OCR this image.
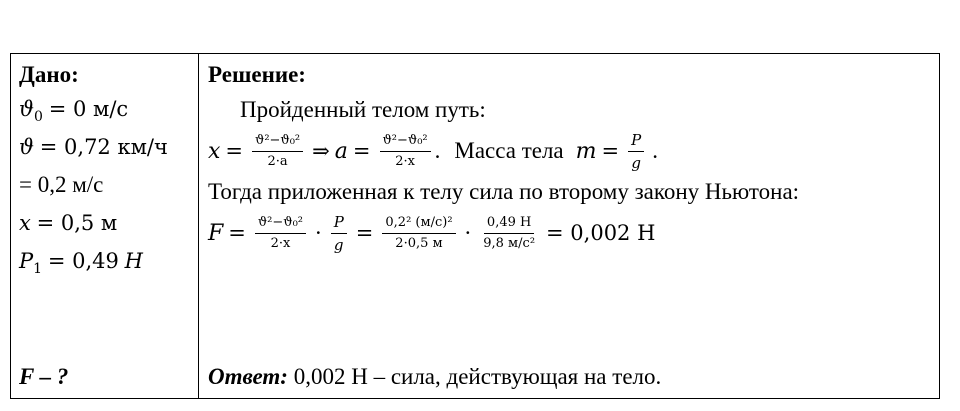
Дано:
$ϑ_0 = 0$ м/с
ϑ = 0,72 км/ч
= 0,2 м/с
x = 0,5 м
$P_1 = 0,49$ H
F – ?
Решение:
Пройденный телом путь:
$x = \frac{\text{ϑ²−ϑ₀²}}{2\cdot a}$ ⇒ $a = \frac{\text{ϑ²−ϑ₀²}}{2\cdot x}$ . Масса тела $m = \frac{P}{g}$ .
Тогда приложенная к телу сила по второму закону Ньютона:
$F = \frac{\text{ϑ²−ϑ₀²}}{2\cdot x} \cdot \frac{P}{g} = \frac{\text{0,2² (м/с)²}}{2\cdot 0,5 м} \cdot \frac{0,49 H}{\text{9,8 м/с²}} = 0,002$ Н
Ответ: 0,002 Н – сила, действующая на тело.
